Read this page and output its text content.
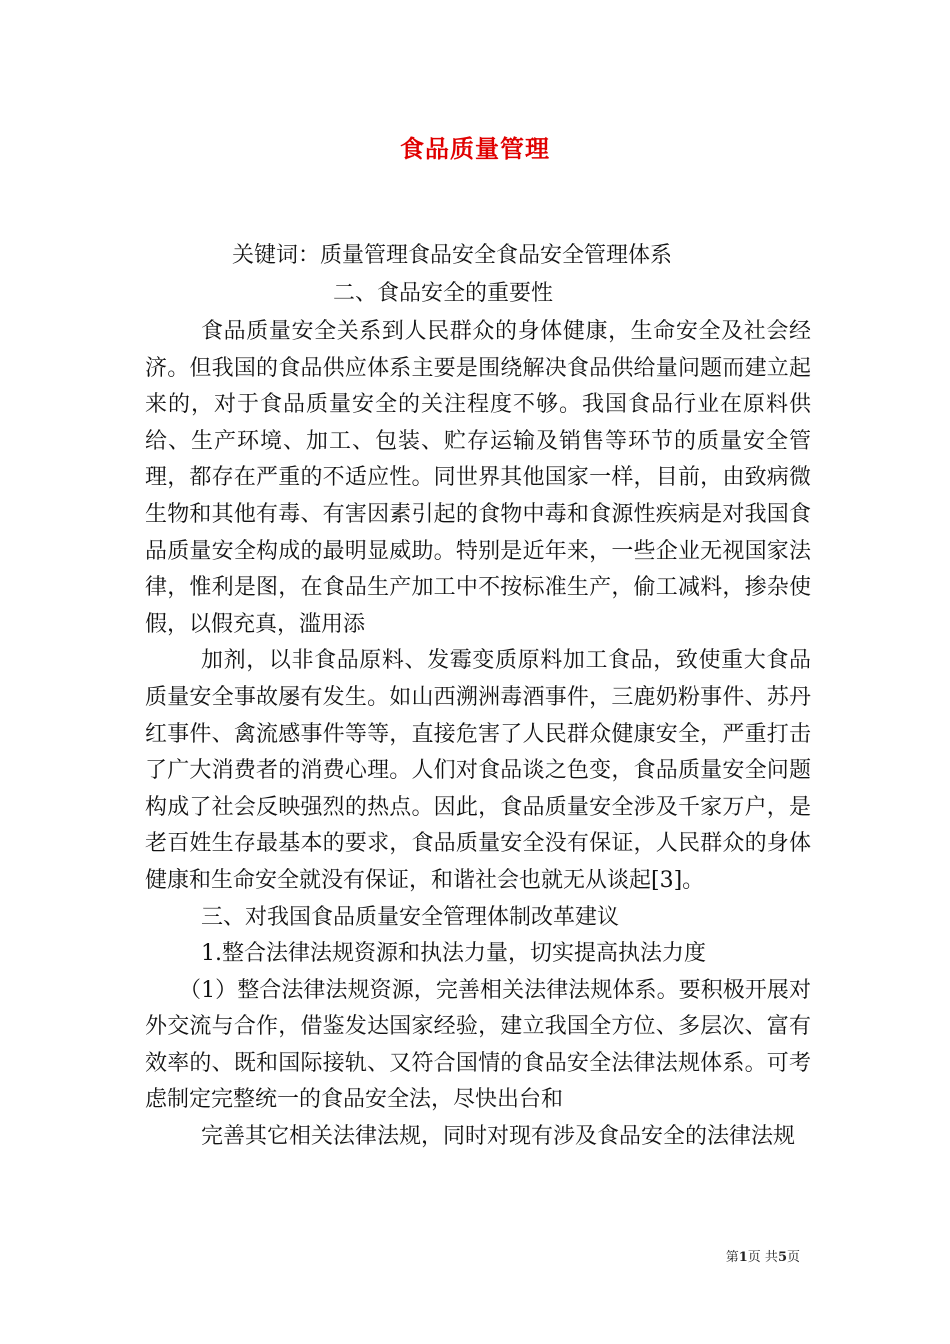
食品质量管理
关键词：质量管理食品安全食品安全管理体系
二、食品安全的重要性

食品质量安全关系到人民群众的身体健康，生命安全及社会经济。但我国的食品供应体系主要是围绕解决食品供给量问题而建立起来的，对于食品质量安全的关注程度不够。我国食品行业在原料供给、生产环境、加工、包装、贮存运输及销售等环节的质量安全管理，都存在严重的不适应性。同世界其他国家一样，目前，由致病微生物和其他有毒、有害因素引起的食物中毒和食源性疾病是对我国食品质量安全构成的最明显威助。特别是近年来，一些企业无视国家法律，惟利是图，在食品生产加工中不按标准生产，偷工减料，掺杂使假，以假充真，滥用添

加剂，以非食品原料、发霉变质原料加工食品，致使重大食品质量安全事故屡有发生。如山西溯洲毒酒事件，三鹿奶粉事件、苏丹红事件、禽流感事件等等，直接危害了人民群众健康安全，严重打击了广大消费者的消费心理。人们对食品谈之色变，食品质量安全问题构成了社会反映强烈的热点。因此，食品质量安全涉及千家万户，是老百姓生存最基本的要求，食品质量安全没有保证，人民群众的身体健康和生命安全就没有保证，和谐社会也就无从谈起[3]。

三、对我国食品质量安全管理体制改革建议

1.整合法律法规资源和执法力量，切实提高执法力度

（1）整合法律法规资源，完善相关法律法规体系。要积极开展对外交流与合作，借鉴发达国家经验，建立我国全方位、多层次、富有效率的、既和国际接轨、又符合国情的食品安全法律法规体系。可考虑制定完整统一的食品安全法，尽快出台和

完善其它相关法律法规，同时对现有涉及食品安全的法律法规

第1页 共5页
